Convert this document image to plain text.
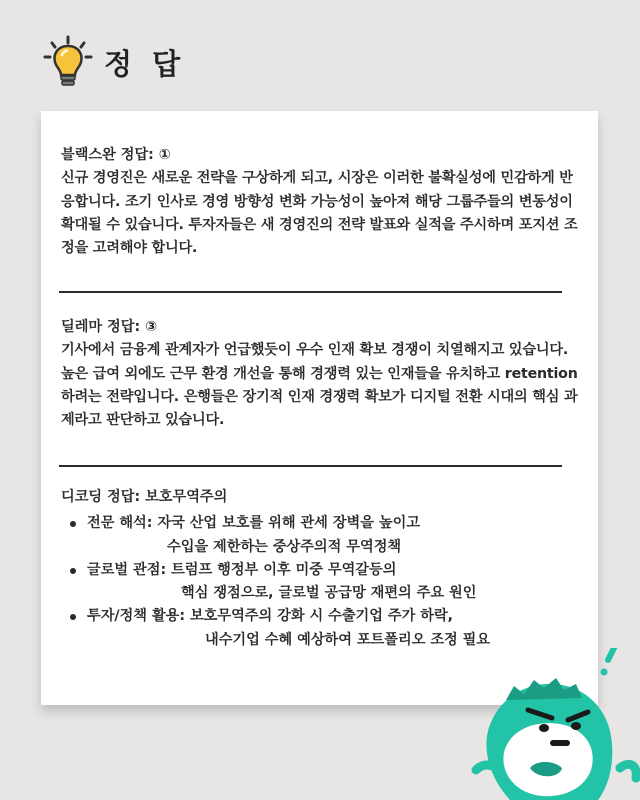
정 답
블랙스완 정답: ①
신규 경영진은 새로운 전략을 구상하게 되고, 시장은 이러한 불확실성에 민감하게 반응합니다. 조기 인사로 경영 방향성 변화 가능성이 높아져 해당 그룹주들의 변동성이 확대될 수 있습니다. 투자자들은 새 경영진의 전략 발표와 실적을 주시하며 포지션 조정을 고려해야 합니다.
딜레마 정답: ③
기사에서 금융계 관계자가 언급했듯이 우수 인재 확보 경쟁이 치열해지고 있습니다. 높은 급여 외에도 근무 환경 개선을 통해 경쟁력 있는 인재들을 유치하고 retention하려는 전략입니다. 은행들은 장기적 인재 경쟁력 확보가 디지털 전환 시대의 핵심 과제라고 판단하고 있습니다.
디코딩 정답: 보호무역주의
전문 해석: 자국 산업 보호를 위해 관세 장벽을 높이고
수입을 제한하는 중상주의적 무역정책
글로벌 관점: 트럼프 행정부 이후 미중 무역갈등의
핵심 쟁점으로, 글로벌 공급망 재편의 주요 원인
투자/정책 활용: 보호무역주의 강화 시 수출기업 주가 하락,
내수기업 수혜 예상하여 포트폴리오 조정 필요
